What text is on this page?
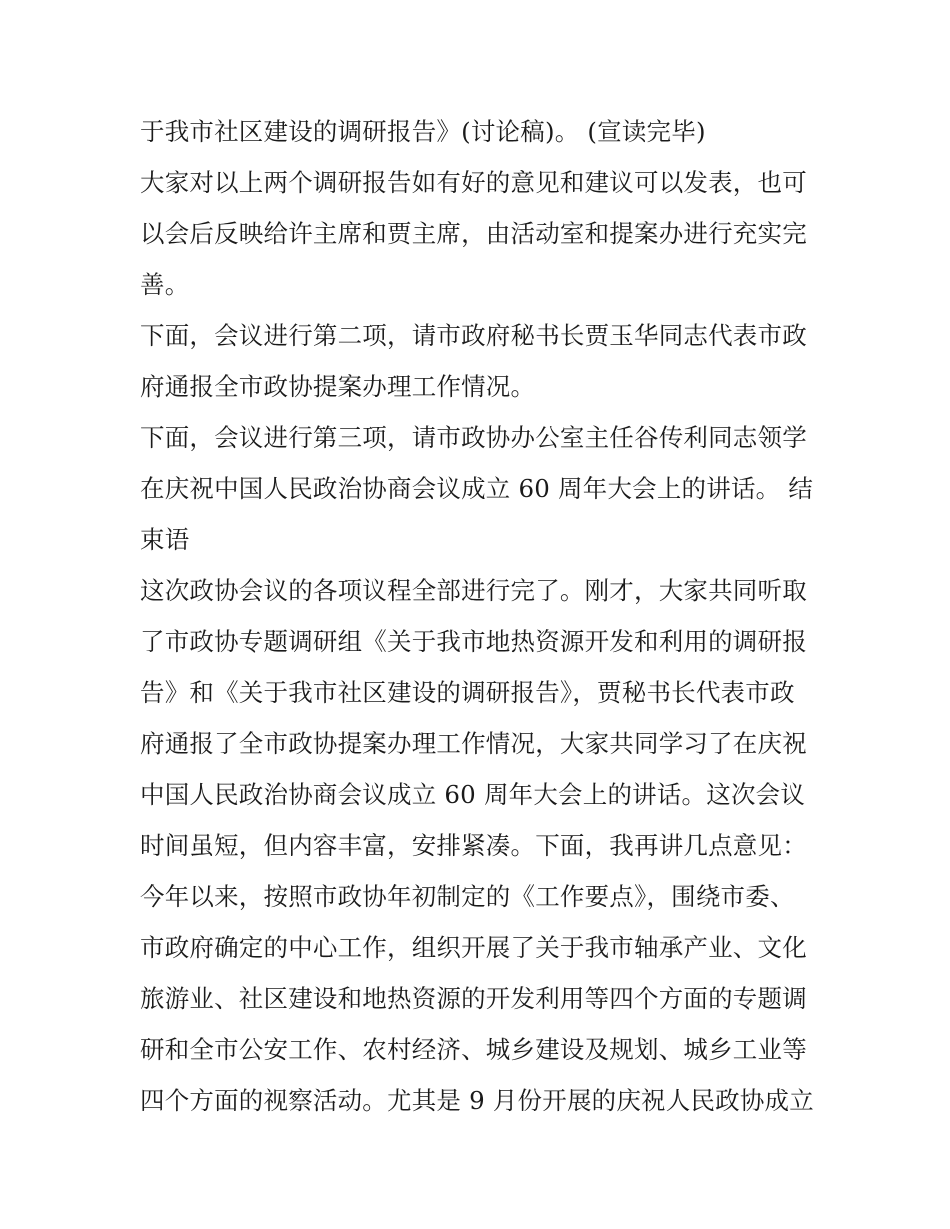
于我市社区建设的调研报告》(讨论稿)。 (宣读完毕)
大家对以上两个调研报告如有好的意见和建议可以发表，也可
以会后反映给许主席和贾主席，由活动室和提案办进行充实完
善。
下面，会议进行第二项，请市政府秘书长贾玉华同志代表市政
府通报全市政协提案办理工作情况。
下面，会议进行第三项，请市政协办公室主任谷传利同志领学
在庆祝中国人民政治协商会议成立 60 周年大会上的讲话。 结
束语
这次政协会议的各项议程全部进行完了。刚才，大家共同听取
了市政协专题调研组《关于我市地热资源开发和利用的调研报
告》和《关于我市社区建设的调研报告》，贾秘书长代表市政
府通报了全市政协提案办理工作情况，大家共同学习了在庆祝
中国人民政治协商会议成立 60 周年大会上的讲话。这次会议
时间虽短，但内容丰富，安排紧凑。下面，我再讲几点意见：
今年以来，按照市政协年初制定的《工作要点》，围绕市委、
市政府确定的中心工作，组织开展了关于我市轴承产业、文化
旅游业、社区建设和地热资源的开发利用等四个方面的专题调
研和全市公安工作、农村经济、城乡建设及规划、城乡工业等
四个方面的视察活动。尤其是 9 月份开展的庆祝人民政协成立
